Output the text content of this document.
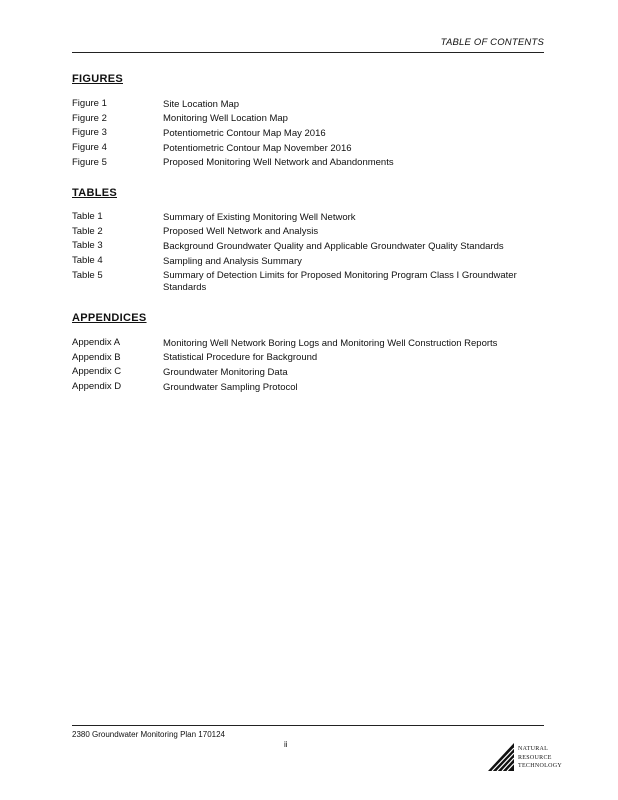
TABLE OF CONTENTS
FIGURES
Figure 1	Site Location Map
Figure 2	Monitoring Well Location Map
Figure 3	Potentiometric Contour Map May 2016
Figure 4	Potentiometric Contour Map November 2016
Figure 5	Proposed Monitoring Well Network and Abandonments
TABLES
Table 1	Summary of Existing Monitoring Well Network
Table 2	Proposed Well Network and Analysis
Table 3	Background Groundwater Quality and Applicable Groundwater Quality Standards
Table 4	Sampling and Analysis Summary
Table 5	Summary of Detection Limits for Proposed Monitoring Program Class I Groundwater Standards
APPENDICES
Appendix A	Monitoring Well Network Boring Logs and Monitoring Well Construction Reports
Appendix B	Statistical Procedure for Background
Appendix C	Groundwater Monitoring Data
Appendix D	Groundwater Sampling Protocol
2380 Groundwater Monitoring Plan 170124
ii	NATURAL
RESOURCE
TECHNOLOGY
